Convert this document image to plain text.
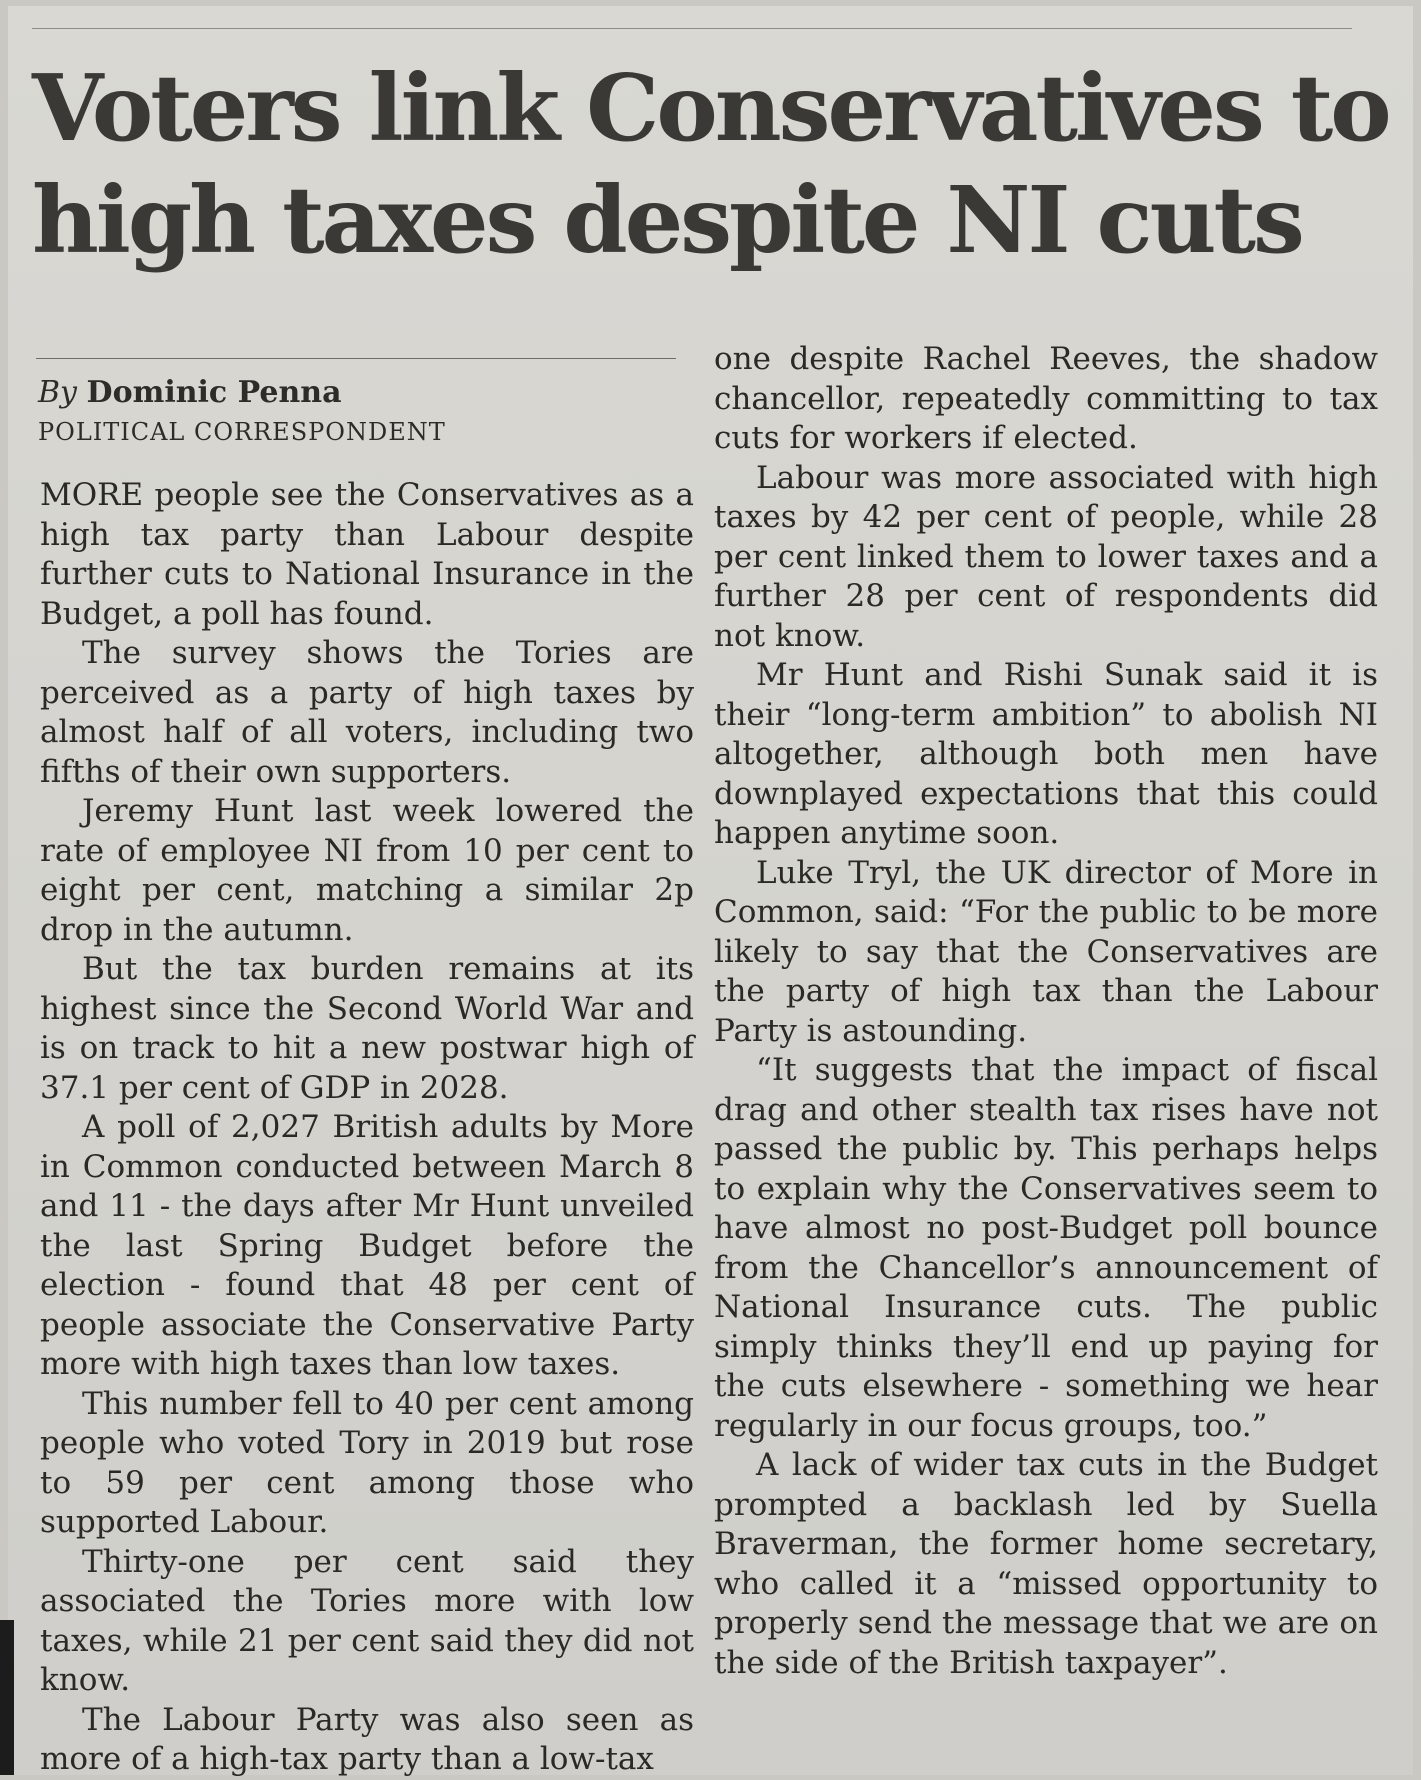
Voters link Conservatives to high taxes despite NI cuts
By Dominic Penna
POLITICAL CORRESPONDENT

MORE people see the Conservatives as a high tax party than Labour despite further cuts to National Insurance in the Budget, a poll has found.

The survey shows the Tories are perceived as a party of high taxes by almost half of all voters, including two fifths of their own supporters.

Jeremy Hunt last week lowered the rate of employee NI from 10 per cent to eight per cent, matching a similar 2p drop in the autumn.

But the tax burden remains at its highest since the Second World War and is on track to hit a new postwar high of 37.1 per cent of GDP in 2028.

A poll of 2,027 British adults by More in Common conducted between March 8 and 11 - the days after Mr Hunt unveiled the last Spring Budget before the election - found that 48 per cent of people associate the Conservative Party more with high taxes than low taxes.

This number fell to 40 per cent among people who voted Tory in 2019 but rose to 59 per cent among those who supported Labour.

Thirty-one per cent said they associated the Tories more with low taxes, while 21 per cent said they did not know.

The Labour Party was also seen as more of a high-tax party than a low-tax

one despite Rachel Reeves, the shadow chancellor, repeatedly committing to tax cuts for workers if elected.

Labour was more associated with high taxes by 42 per cent of people, while 28 per cent linked them to lower taxes and a further 28 per cent of respondents did not know.

Mr Hunt and Rishi Sunak said it is their “long-term ambition” to abolish NI altogether, although both men have downplayed expectations that this could happen anytime soon.

Luke Tryl, the UK director of More in Common, said: “For the public to be more likely to say that the Conservatives are the party of high tax than the Labour Party is astounding.

“It suggests that the impact of fiscal drag and other stealth tax rises have not passed the public by. This perhaps helps to explain why the Conservatives seem to have almost no post-Budget poll bounce from the Chancellor’s announcement of National Insurance cuts. The public simply thinks they’ll end up paying for the cuts elsewhere - something we hear regularly in our focus groups, too.”

A lack of wider tax cuts in the Budget prompted a backlash led by Suella Braverman, the former home secretary, who called it a “missed opportunity to properly send the message that we are on the side of the British taxpayer”.
